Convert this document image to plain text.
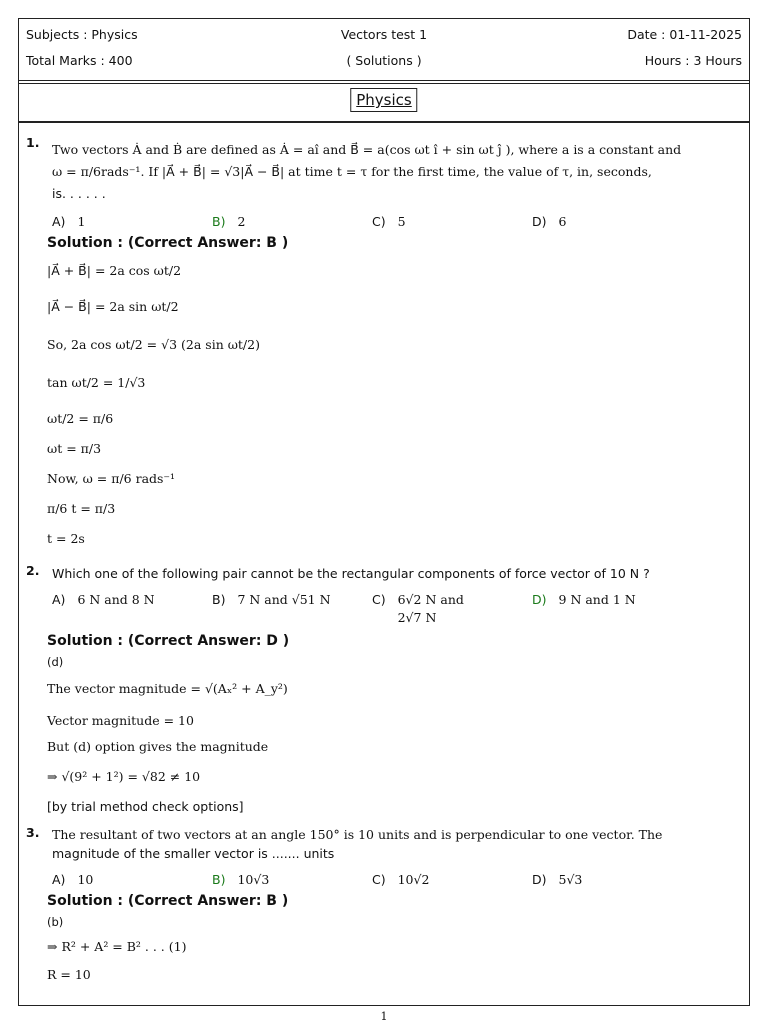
Subjects : Physics	Vectors test 1	Date : 01-11-2025
Total Marks : 400	( Solutions )	Hours : 3 Hours
Physics
1. Two vectors Ȧ and Ḃ are defined as Ȧ = aî and B⃗ = a(cos ωt î + sin ωt ĵ ), where a is a constant and
ω = π/6rads⁻¹. If |A⃗ + B⃗| = √3|A⃗ − B⃗| at time t = τ for the first time, the value of τ, in, seconds,
is. . . . . .
A) 1	B) 2	C) 5	D) 6
Solution : (Correct Answer: B )
|A⃗ + B⃗| = 2a cos ωt/2
|A⃗ − B⃗| = 2a sin ωt/2
So, 2a cos ωt/2 = √3 (2a sin ωt/2)
tan ωt/2 = 1/√3
ωt/2 = π/6
ωt = π/3
Now, ω = π/6 rads⁻¹
π/6 t = π/3
t = 2s
2. Which one of the following pair cannot be the rectangular components of force vector of 10 N ?
A) 6 N and 8 N	B) 7 N and √51 N	C) 6√2 N and
2√7 N
D) 9 N and 1 N
Solution : (Correct Answer: D )
(d)
The vector magnitude = √(Aₓ² + A_y²)
Vector magnitude = 10
But (d) option gives the magnitude
⇒ √(9² + 1²) = √82 ≠ 10
[by trial method check options]
3. The resultant of two vectors at an angle 150° is 10 units and is perpendicular to one vector. The
magnitude of the smaller vector is ....... units
A) 10	B) 10√3	C) 10√2	D) 5√3
Solution : (Correct Answer: B )
(b)
⇒ R² + A² = B² . . . (1)
R = 10
1
